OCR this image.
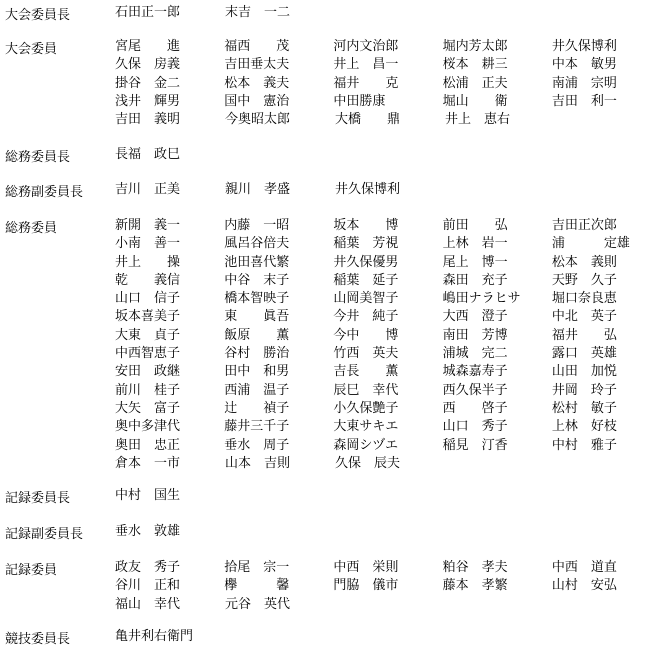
大会委員長	石田正一郎	末吉　一二
大会委員	宮尾　　進	福西　　茂	河内文治郎	堀内芳太郎	井久保博利
久保　房義	吉田垂太夫	井上　昌一	桜本　耕三	中本　敏男
掛谷　金二	松本　義夫	福井　　克	松浦　正夫	南浦　宗明
浅井　輝男	国中　憲治	中田勝康	堀山　　衛	吉田　利一
吉田　義明	今奥昭太郎	大橋　　鼎	井上　恵右
総務委員長	長福　政巳
総務副委員長 吉川　正美	親川　孝盛	井久保博利
総務委員	新開　義一	内藤　一昭	坂本　　博	前田　　弘	吉田正次郎
小南　善一	風呂谷倍夫	稲葉　芳視	上林　岩一	浦　　　定雄
井上　　操	池田喜代繁	井久保優男	尾上　博一	松本　義則
乾　　義信	中谷　末子	稲葉　延子	森田　充子	天野　久子
山口　信子	橋本智映子	山岡美智子	嶋田ナラヒサ	堀口奈良恵
坂本喜美子	東　　眞吾	今井　純子	大西　澄子	中北　英子
大東　貞子	飯原　　薫	今中　　博	南田　芳博	福井　　弘
中西智恵子	谷村　勝治	竹西　英夫	浦城　完二	露口　英雄
安田　政継	田中　和男	吉長　　薫	城森嘉寿子	山田　加悦
前川　桂子	西浦　温子	辰巳　幸代	西久保半子	井岡　玲子
大矢　富子	辻　　禎子	小久保艶子	西　　啓子	松村　敏子
奥中多津代	藤井三千子	大東サキエ	山口　秀子	上林　好枝
奥田　忠正	垂水　周子	森岡シヅエ	稲見　汀香	中村　雅子
倉本　一市	山本　吉則	久保　辰夫
記録委員長	中村　国生
記録副委員長 垂水　敦雄
記録委員	政友　秀子	拾尾　宗一	中西　栄則	粕谷　孝夫	中西　道直
谷川　正和	欅　　　馨	門脇　儀市	藤本　孝繁	山村　安弘
福山　幸代	元谷　英代
競技委員長	亀井利右衛門
